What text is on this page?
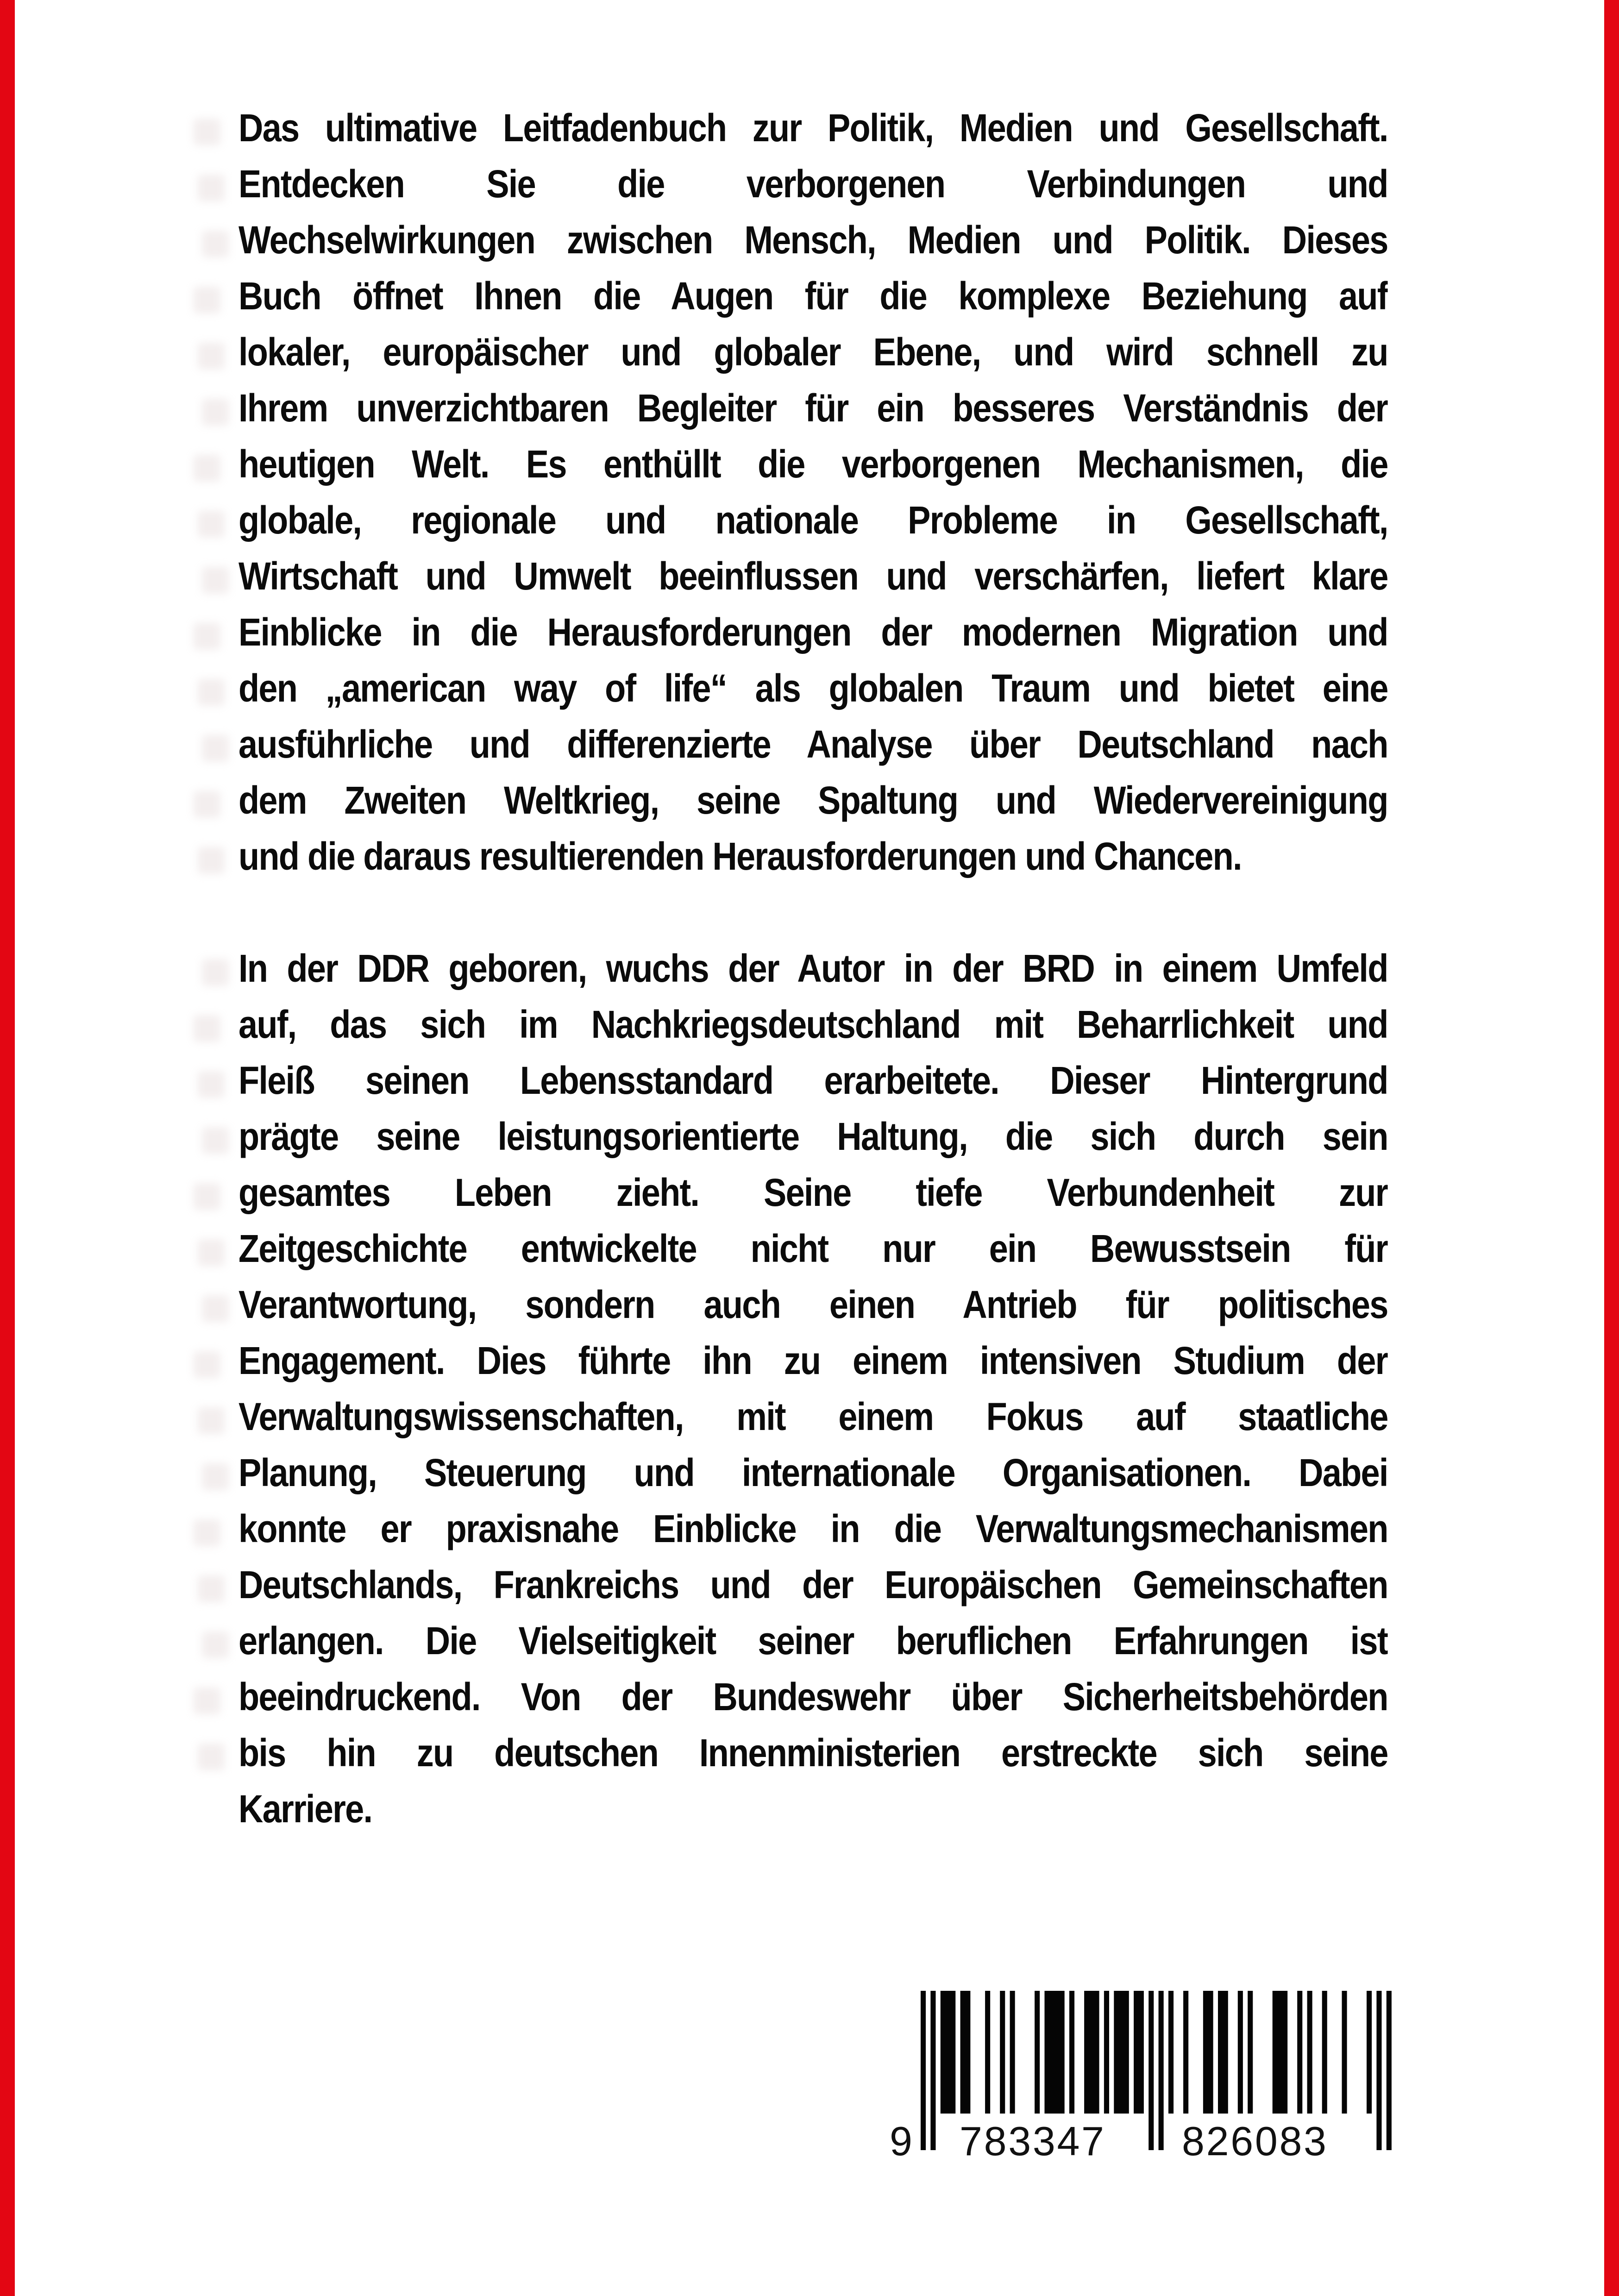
Das ultimative Leitfadenbuch zur Politik, Medien und Gesellschaft.
Entdecken Sie die verborgenen Verbindungen und
Wechselwirkungen zwischen Mensch, Medien und Politik. Dieses
Buch öffnet Ihnen die Augen für die komplexe Beziehung auf
lokaler, europäischer und globaler Ebene, und wird schnell zu
Ihrem unverzichtbaren Begleiter für ein besseres Verständnis der
heutigen Welt. Es enthüllt die verborgenen Mechanismen, die
globale, regionale und nationale Probleme in Gesellschaft,
Wirtschaft und Umwelt beeinflussen und verschärfen, liefert klare
Einblicke in die Herausforderungen der modernen Migration und
den „american way of life“ als globalen Traum und bietet eine
ausführliche und differenzierte Analyse über Deutschland nach
dem Zweiten Weltkrieg, seine Spaltung und Wiedervereinigung
und die daraus resultierenden Herausforderungen und Chancen.
In der DDR geboren, wuchs der Autor in der BRD in einem Umfeld
auf, das sich im Nachkriegsdeutschland mit Beharrlichkeit und
Fleiß seinen Lebensstandard erarbeitete. Dieser Hintergrund
prägte seine leistungsorientierte Haltung, die sich durch sein
gesamtes Leben zieht. Seine tiefe Verbundenheit zur
Zeitgeschichte entwickelte nicht nur ein Bewusstsein für
Verantwortung, sondern auch einen Antrieb für politisches
Engagement. Dies führte ihn zu einem intensiven Studium der
Verwaltungswissenschaften, mit einem Fokus auf staatliche
Planung, Steuerung und internationale Organisationen. Dabei
konnte er praxisnahe Einblicke in die Verwaltungsmechanismen
Deutschlands, Frankreichs und der Europäischen Gemeinschaften
erlangen. Die Vielseitigkeit seiner beruflichen Erfahrungen ist
beeindruckend. Von der Bundeswehr über Sicherheitsbehörden
bis hin zu deutschen Innenministerien erstreckte sich seine
Karriere.
9 7 8 3 3 4 7 8 2 6 0 8 3
